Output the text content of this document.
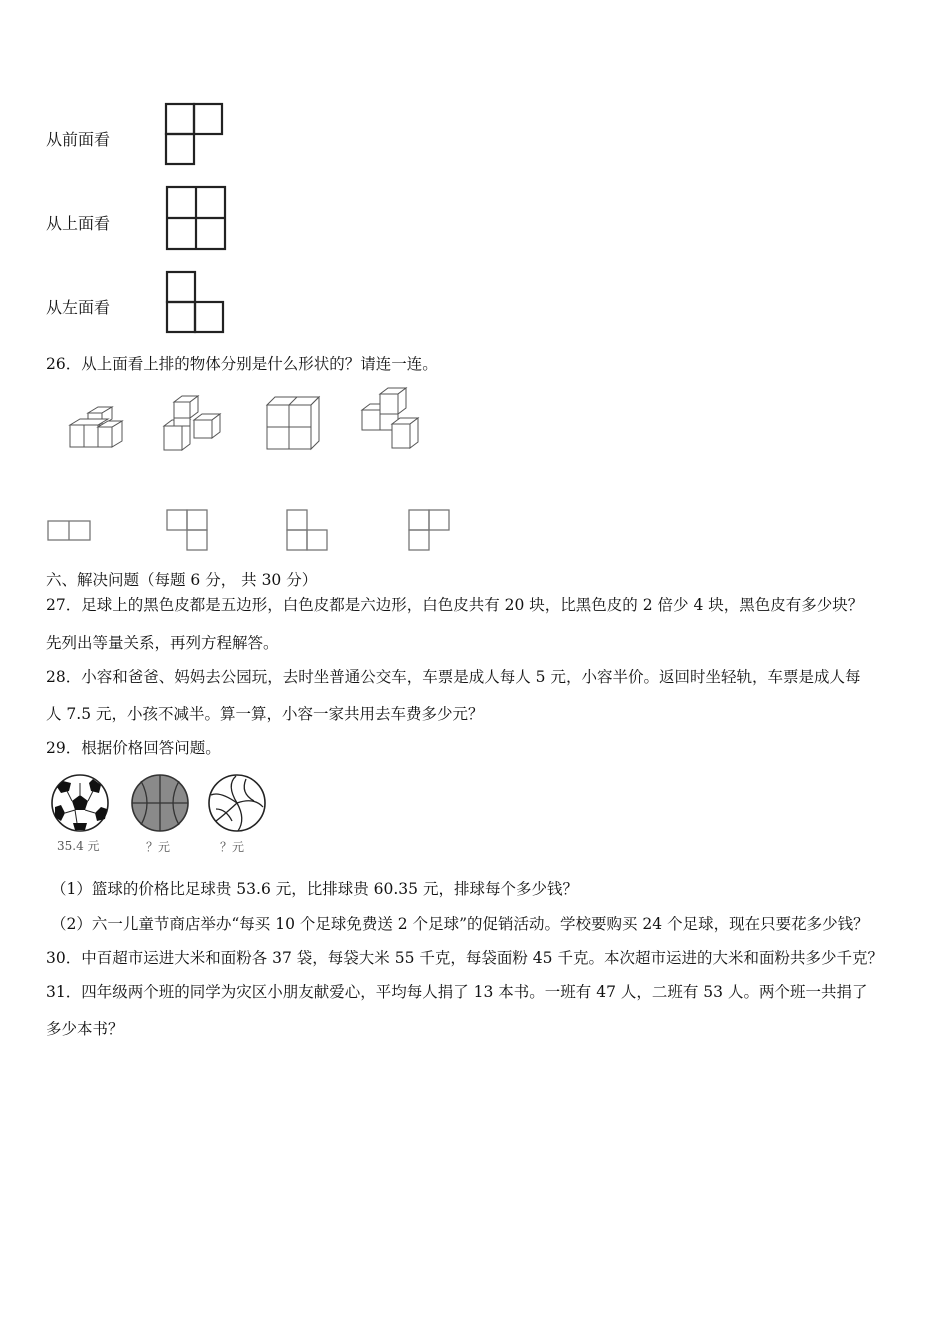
从前面看
从上面看
从左面看
26．从上面看上排的物体分别是什么形状的？请连一连。
六、解决问题（每题 6 分， 共 30 分）
27．足球上的黑色皮都是五边形，白色皮都是六边形，白色皮共有 20 块，比黑色皮的 2 倍少 4 块，黑色皮有多少块？
先列出等量关系，再列方程解答。
28．小容和爸爸、妈妈去公园玩，去时坐普通公交车，车票是成人每人 5 元，小容半价。返回时坐轻轨，车票是成人每
人 7.5 元，小孩不减半。算一算，小容一家共用去车费多少元？
29．根据价格回答问题。
35.4 元	？元	？元
（1）篮球的价格比足球贵 53.6 元，比排球贵 60.35 元，排球每个多少钱？
（2）六一儿童节商店举办“每买 10 个足球免费送 2 个足球”的促销活动。学校要购买 24 个足球，现在只要花多少钱？
30．中百超市运进大米和面粉各 37 袋，每袋大米 55 千克，每袋面粉 45 千克。本次超市运进的大米和面粉共多少千克？
31．四年级两个班的同学为灾区小朋友献爱心，平均每人捐了 13 本书。一班有 47 人，二班有 53 人。两个班一共捐了
多少本书？
